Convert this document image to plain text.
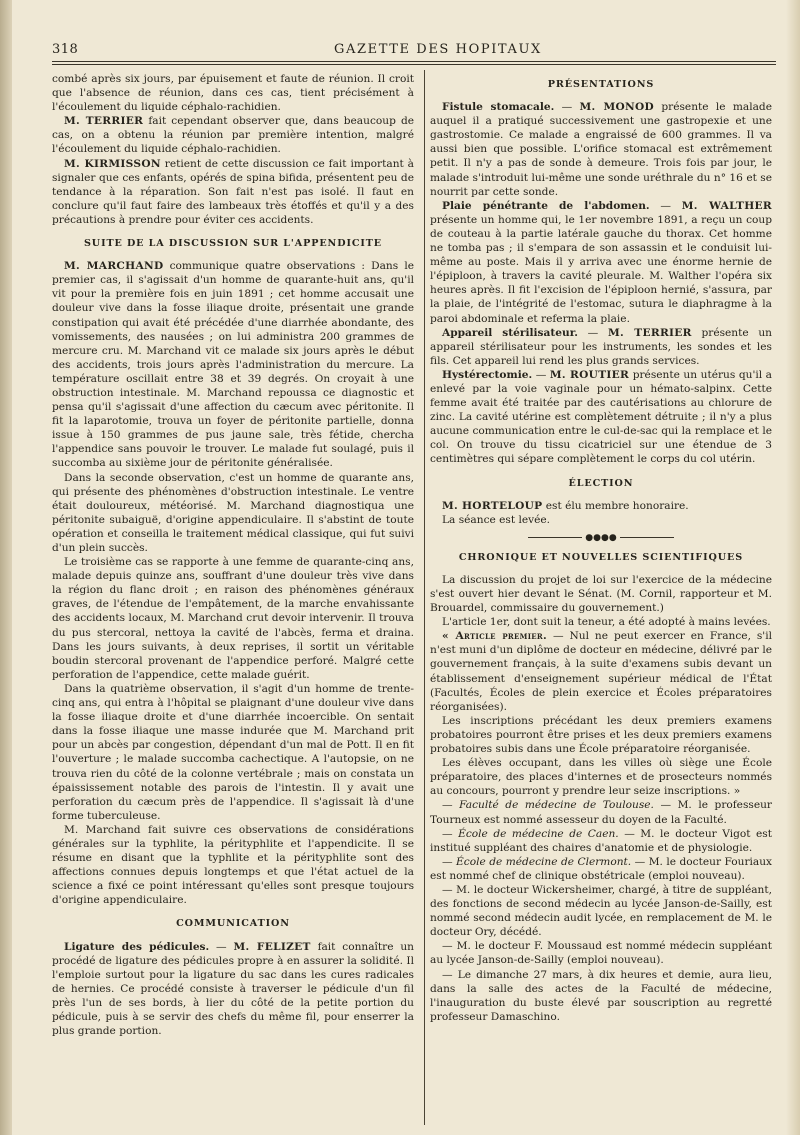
318	GAZETTE DES HOPITAUX

combé après six jours, par épuisement et faute de réunion. Il croit que l'absence de réunion, dans ces cas, tient précisément à l'écoulement du liquide céphalo-rachidien.

M. TERRIER fait cependant observer que, dans beaucoup de cas, on a obtenu la réunion par première intention, malgré l'écoulement du liquide céphalo-rachidien.

M. KIRMISSON retient de cette discussion ce fait important à signaler que ces enfants, opérés de spina bifida, présentent peu de tendance à la réparation. Son fait n'est pas isolé. Il faut en conclure qu'il faut faire des lambeaux très étoffés et qu'il y a des précautions à prendre pour éviter ces accidents.

SUITE DE LA DISCUSSION SUR L'APPENDICITE

M. MARCHAND communique quatre observations : Dans le premier cas, il s'agissait d'un homme de quarante-huit ans, qu'il vit pour la première fois en juin 1891 ; cet homme accusait une douleur vive dans la fosse iliaque droite, présentait une grande constipation qui avait été précédée d'une diarrhée abondante, des vomissements, des nausées ; on lui administra 200 grammes de mercure cru. M. Marchand vit ce malade six jours après le début des accidents, trois jours après l'administration du mercure. La température oscillait entre 38 et 39 degrés. On croyait à une obstruction intestinale. M. Marchand repoussa ce diagnostic et pensa qu'il s'agissait d'une affection du cæcum avec péritonite. Il fit la laparotomie, trouva un foyer de péritonite partielle, donna issue à 150 grammes de pus jaune sale, très fétide, chercha l'appendice sans pouvoir le trouver. Le malade fut soulagé, puis il succomba au sixième jour de péritonite généralisée.

Dans la seconde observation, c'est un homme de quarante ans, qui présente des phénomènes d'obstruction intestinale. Le ventre était douloureux, météorisé. M. Marchand diagnostiqua une péritonite subaiguë, d'origine appendiculaire. Il s'abstint de toute opération et conseilla le traitement médical classique, qui fut suivi d'un plein succès.

Le troisième cas se rapporte à une femme de quarante-cinq ans, malade depuis quinze ans, souffrant d'une douleur très vive dans la région du flanc droit ; en raison des phénomènes généraux graves, de l'étendue de l'empâtement, de la marche envahissante des accidents locaux, M. Marchand crut devoir intervenir. Il trouva du pus stercoral, nettoya la cavité de l'abcès, ferma et draina. Dans les jours suivants, à deux reprises, il sortit un véritable boudin stercoral provenant de l'appendice perforé. Malgré cette perforation de l'appendice, cette malade guérit.

Dans la quatrième observation, il s'agit d'un homme de trente-cinq ans, qui entra à l'hôpital se plaignant d'une douleur vive dans la fosse iliaque droite et d'une diarrhée incoercible. On sentait dans la fosse iliaque une masse indurée que M. Marchand prit pour un abcès par congestion, dépendant d'un mal de Pott. Il en fit l'ouverture ; le malade succomba cachectique. A l'autopsie, on ne trouva rien du côté de la colonne vertébrale ; mais on constata un épaississement notable des parois de l'intestin. Il y avait une perforation du cæcum près de l'appendice. Il s'agissait là d'une forme tuberculeuse.

M. Marchand fait suivre ces observations de considérations générales sur la typhlite, la pérityphlite et l'appendicite. Il se résume en disant que la typhlite et la pérityphlite sont des affections connues depuis longtemps et que l'état actuel de la science a fixé ce point intéressant qu'elles sont presque toujours d'origine appendiculaire.

COMMUNICATION

Ligature des pédicules. — M. FELIZET fait connaître un procédé de ligature des pédicules propre à en assurer la solidité. Il l'emploie surtout pour la ligature du sac dans les cures radicales de hernies. Ce procédé consiste à traverser le pédicule d'un fil près l'un de ses bords, à lier du côté de la petite portion du pédicule, puis à se servir des chefs du même fil, pour enserrer la plus grande portion.

PRÉSENTATIONS

Fistule stomacale. — M. MONOD présente le malade auquel il a pratiqué successivement une gastropexie et une gastrostomie. Ce malade a engraissé de 600 grammes. Il va aussi bien que possible. L'orifice stomacal est extrêmement petit. Il n'y a pas de sonde à demeure. Trois fois par jour, le malade s'introduit lui-même une sonde uréthrale du n° 16 et se nourrit par cette sonde.

Plaie pénétrante de l'abdomen. — M. WALTHER présente un homme qui, le 1er novembre 1891, a reçu un coup de couteau à la partie latérale gauche du thorax. Cet homme ne tomba pas ; il s'empara de son assassin et le conduisit lui-même au poste. Mais il y arriva avec une énorme hernie de l'épiploon, à travers la cavité pleurale. M. Walther l'opéra six heures après. Il fit l'excision de l'épiploon hernié, s'assura, par la plaie, de l'intégrité de l'estomac, sutura le diaphragme à la paroi abdominale et referma la plaie.

Appareil stérilisateur. — M. TERRIER présente un appareil stérilisateur pour les instruments, les sondes et les fils. Cet appareil lui rend les plus grands services.

Hystérectomie. — M. ROUTIER présente un utérus qu'il a enlevé par la voie vaginale pour un hémato-salpinx. Cette femme avait été traitée par des cautérisations au chlorure de zinc. La cavité utérine est complètement détruite ; il n'y a plus aucune communication entre le cul-de-sac qui la remplace et le col. On trouve du tissu cicatriciel sur une étendue de 3 centimètres qui sépare complètement le corps du col utérin.

ÉLECTION

M. HORTELOUP est élu membre honoraire.

La séance est levée.

●●●●
CHRONIQUE ET NOUVELLES SCIENTIFIQUES

La discussion du projet de loi sur l'exercice de la médecine s'est ouvert hier devant le Sénat. (M. Cornil, rapporteur et M. Brouardel, commissaire du gouvernement.)

L'article 1er, dont suit la teneur, a été adopté à mains levées.

« Article premier. — Nul ne peut exercer en France, s'il n'est muni d'un diplôme de docteur en médecine, délivré par le gouvernement français, à la suite d'examens subis devant un établissement d'enseignement supérieur médical de l'État (Facultés, Écoles de plein exercice et Écoles préparatoires réorganisées).

Les inscriptions précédant les deux premiers examens probatoires pourront être prises et les deux premiers examens probatoires subis dans une École préparatoire réorganisée.

Les élèves occupant, dans les villes où siège une École préparatoire, des places d'internes et de prosecteurs nommés au concours, pourront y prendre leur seize inscriptions. »

— Faculté de médecine de Toulouse. — M. le professeur Tourneux est nommé assesseur du doyen de la Faculté.

— École de médecine de Caen. — M. le docteur Vigot est institué suppléant des chaires d'anatomie et de physiologie.

— École de médecine de Clermont. — M. le docteur Fouriaux est nommé chef de clinique obstétricale (emploi nouveau).

— M. le docteur Wickersheimer, chargé, à titre de suppléant, des fonctions de second médecin au lycée Janson-de-Sailly, est nommé second médecin audit lycée, en remplacement de M. le docteur Ory, décédé.

— M. le docteur F. Moussaud est nommé médecin suppléant au lycée Janson-de-Sailly (emploi nouveau).

— Le dimanche 27 mars, à dix heures et demie, aura lieu, dans la salle des actes de la Faculté de médecine, l'inauguration du buste élevé par souscription au regretté professeur Damaschino.
